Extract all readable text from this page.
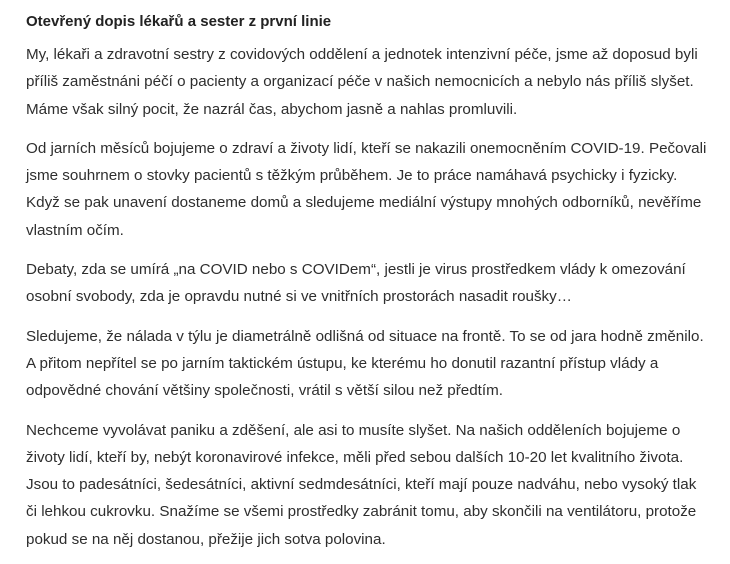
Otevřený dopis lékařů a sester z první linie

My, lékaři a zdravotní sestry z covidových oddělení a jednotek intenzivní péče, jsme až doposud byli příliš zaměstnáni péčí o pacienty a organizací péče v našich nemocnicích a nebylo nás příliš slyšet. Máme však silný pocit, že nazrál čas, abychom jasně a nahlas promluvili.

Od jarních měsíců bojujeme o zdraví a životy lidí, kteří se nakazili onemocněním COVID-19. Pečovali jsme souhrnem o stovky pacientů s těžkým průběhem. Je to práce namáhavá psychicky i fyzicky. Když se pak unavení dostaneme domů a sledujeme mediální výstupy mnohých odborníků, nevěříme vlastním očím.

Debaty, zda se umírá „na COVID nebo s COVIDem“, jestli je virus prostředkem vlády k omezování osobní svobody, zda je opravdu nutné si ve vnitřních prostorách nasadit roušky…

Sledujeme, že nálada v týlu je diametrálně odlišná od situace na frontě. To se od jara hodně změnilo. A přitom nepřítel se po jarním taktickém ústupu, ke kterému ho donutil razantní přístup vlády a odpovědné chování většiny společnosti, vrátil s větší silou než předtím.

Nechceme vyvolávat paniku a zděšení, ale asi to musíte slyšet. Na našich odděleních bojujeme o životy lidí, kteří by, nebýt koronavirové infekce, měli před sebou dalších 10-20 let kvalitního života. Jsou to padesátníci, šedesátníci, aktivní sedmdesátníci, kteří mají pouze nadváhu, nebo vysoký tlak či lehkou cukrovku. Snažíme se všemi prostředky zabránit tomu, aby skončili na ventilátoru, protože pokud se na něj dostanou, přežije jich sotva polovina.
